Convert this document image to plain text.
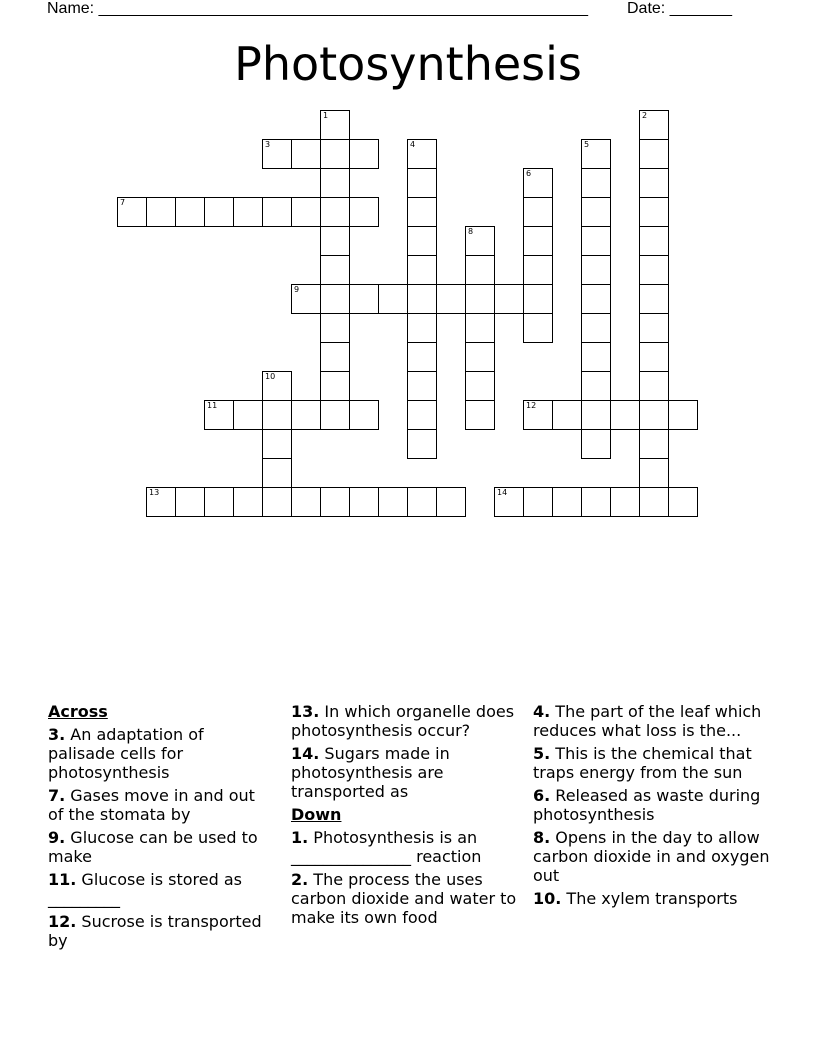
Name: _______________________________________________________ Date: _______
Photosynthesis
1	2
3	4	5
6
7
8
9
10
11	12
13	14
Across
3. An adaptation of palisade cells for photosynthesis
7. Gases move in and out of the stomata by
9. Glucose can be used to make
11. Glucose is stored as _________
12. Sucrose is transported by
13. In which organelle does photosynthesis occur?
14. Sugars made in photosynthesis are transported as
Down
1. Photosynthesis is an _______________ reaction
2. The process the uses carbon dioxide and water to make its own food
4. The part of the leaf which reduces what loss is the...
5. This is the chemical that traps energy from the sun
6. Released as waste during photosynthesis
8. Opens in the day to allow carbon dioxide in and oxygen out
10. The xylem transports
